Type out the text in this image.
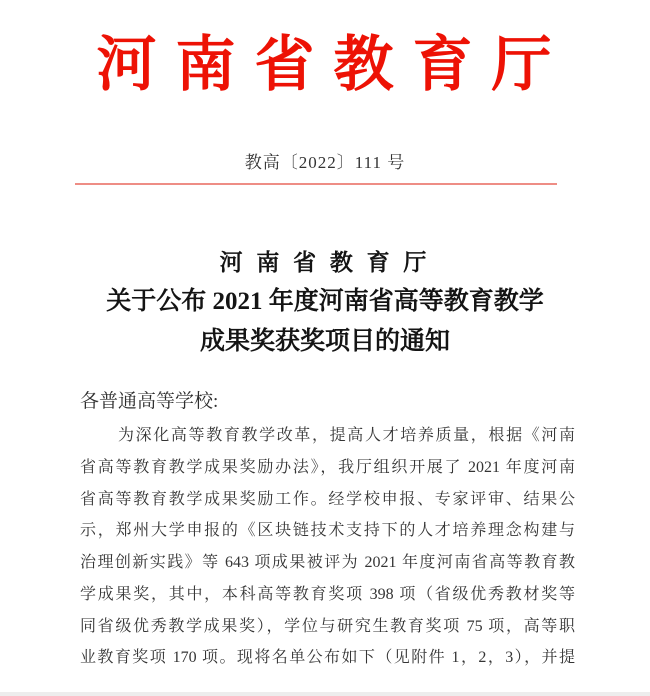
河 南 省 教 育 厅
教高〔2022〕111 号
河 南 省 教 育 厅
关于公布 2021 年度河南省高等教育教学
成果奖获奖项目的通知
各普通高等学校:
为深化高等教育教学改革，提高人才培养质量，根据《河南
省高等教育教学成果奖励办法》，我厅组织开展了 2021 年度河南
省高等教育教学成果奖励工作。经学校申报、专家评审、结果公
示，郑州大学申报的《区块链技术支持下的人才培养理念构建与
治理创新实践》等 643 项成果被评为 2021 年度河南省高等教育教
学成果奖，其中，本科高等教育奖项 398 项（省级优秀教材奖等
同省级优秀教学成果奖），学位与研究生教育奖项 75 项，高等职
业教育奖项 170 项。现将名单公布如下（见附件 1，2，3），并提
